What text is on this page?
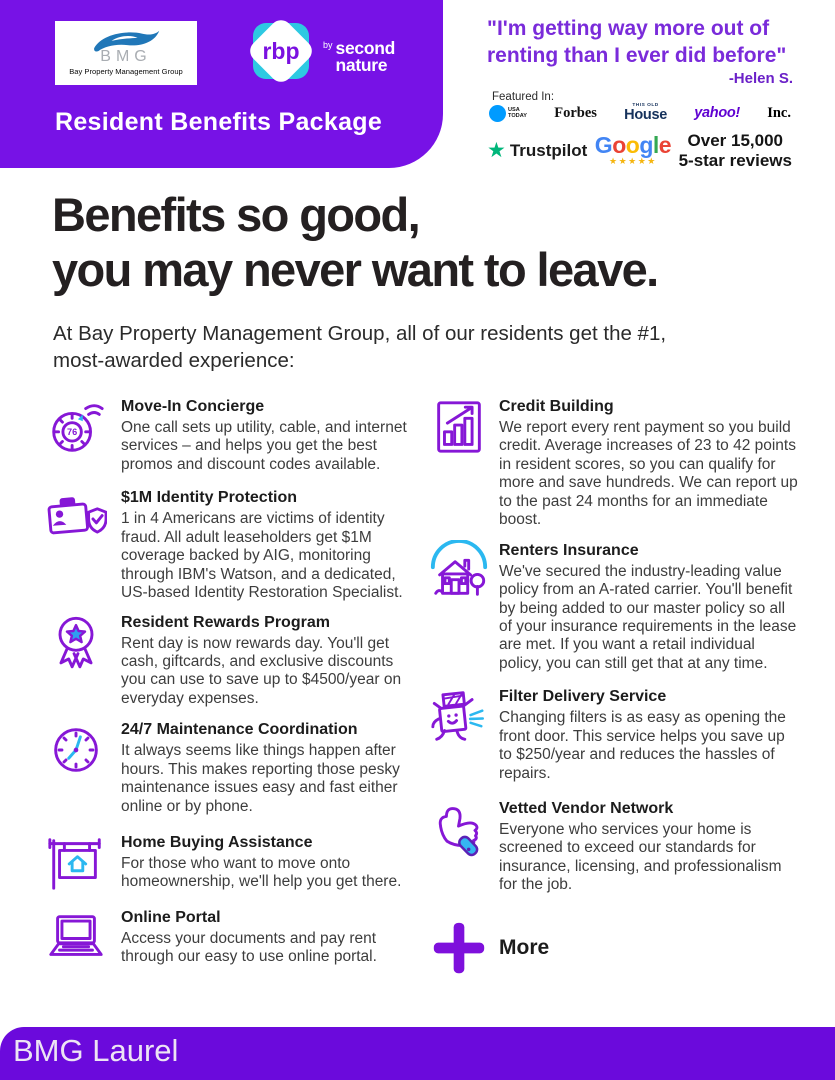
BMG
Bay Property Management Group
rbp	by second
nature
Resident Benefits Package
"I'm getting way more out of
renting than I ever did before"
-Helen S.
Featured In:
USA
TODAY Forbes	THIS OLD
House yahoo! Inc.
★ Trustpilot Google
★★★★★
Over 15,000
5-star reviews
Benefits so good,
you may never want to leave.
At Bay Property Management Group, all of our residents get the #1,
most-awarded experience:
76
Move-In Concierge

One call sets up utility, cable, and internet services – and helps you get the best promos and discount codes available.

$1M Identity Protection

1 in 4 Americans are victims of identity fraud. All adult leaseholders get $1M coverage backed by AIG, monitoring through IBM's Watson, and a dedicated, US-based Identity Restoration Specialist.

Resident Rewards Program

Rent day is now rewards day. You'll get cash, giftcards, and exclusive discounts you can use to save up to $4500/year on everyday expenses.

24/7 Maintenance Coordination

It always seems like things happen after hours. This makes reporting those pesky maintenance issues easy and fast either online or by phone.

Home Buying Assistance

For those who want to move onto homeownership, we'll help you get there.

Online Portal

Access your documents and pay rent through our easy to use online portal.

Credit Building

We report every rent payment so you build credit. Average increases of 23 to 42 points in resident scores, so you can qualify for more and save hundreds. We can report up to the past 24 months for an immediate boost.

Renters Insurance

We've secured the industry-leading value policy from an A-rated carrier. You'll benefit by being added to our master policy so all of your insurance requirements in the lease are met. If you want a retail individual policy, you can still get that at any time.

Filter Delivery Service

Changing filters is as easy as opening the front door. This service helps you save up to $250/year and reduces the hassles of repairs.

Vetted Vendor Network

Everyone who services your home is screened to exceed our standards for insurance, licensing, and professionalism for the job.

More
BMG Laurel
